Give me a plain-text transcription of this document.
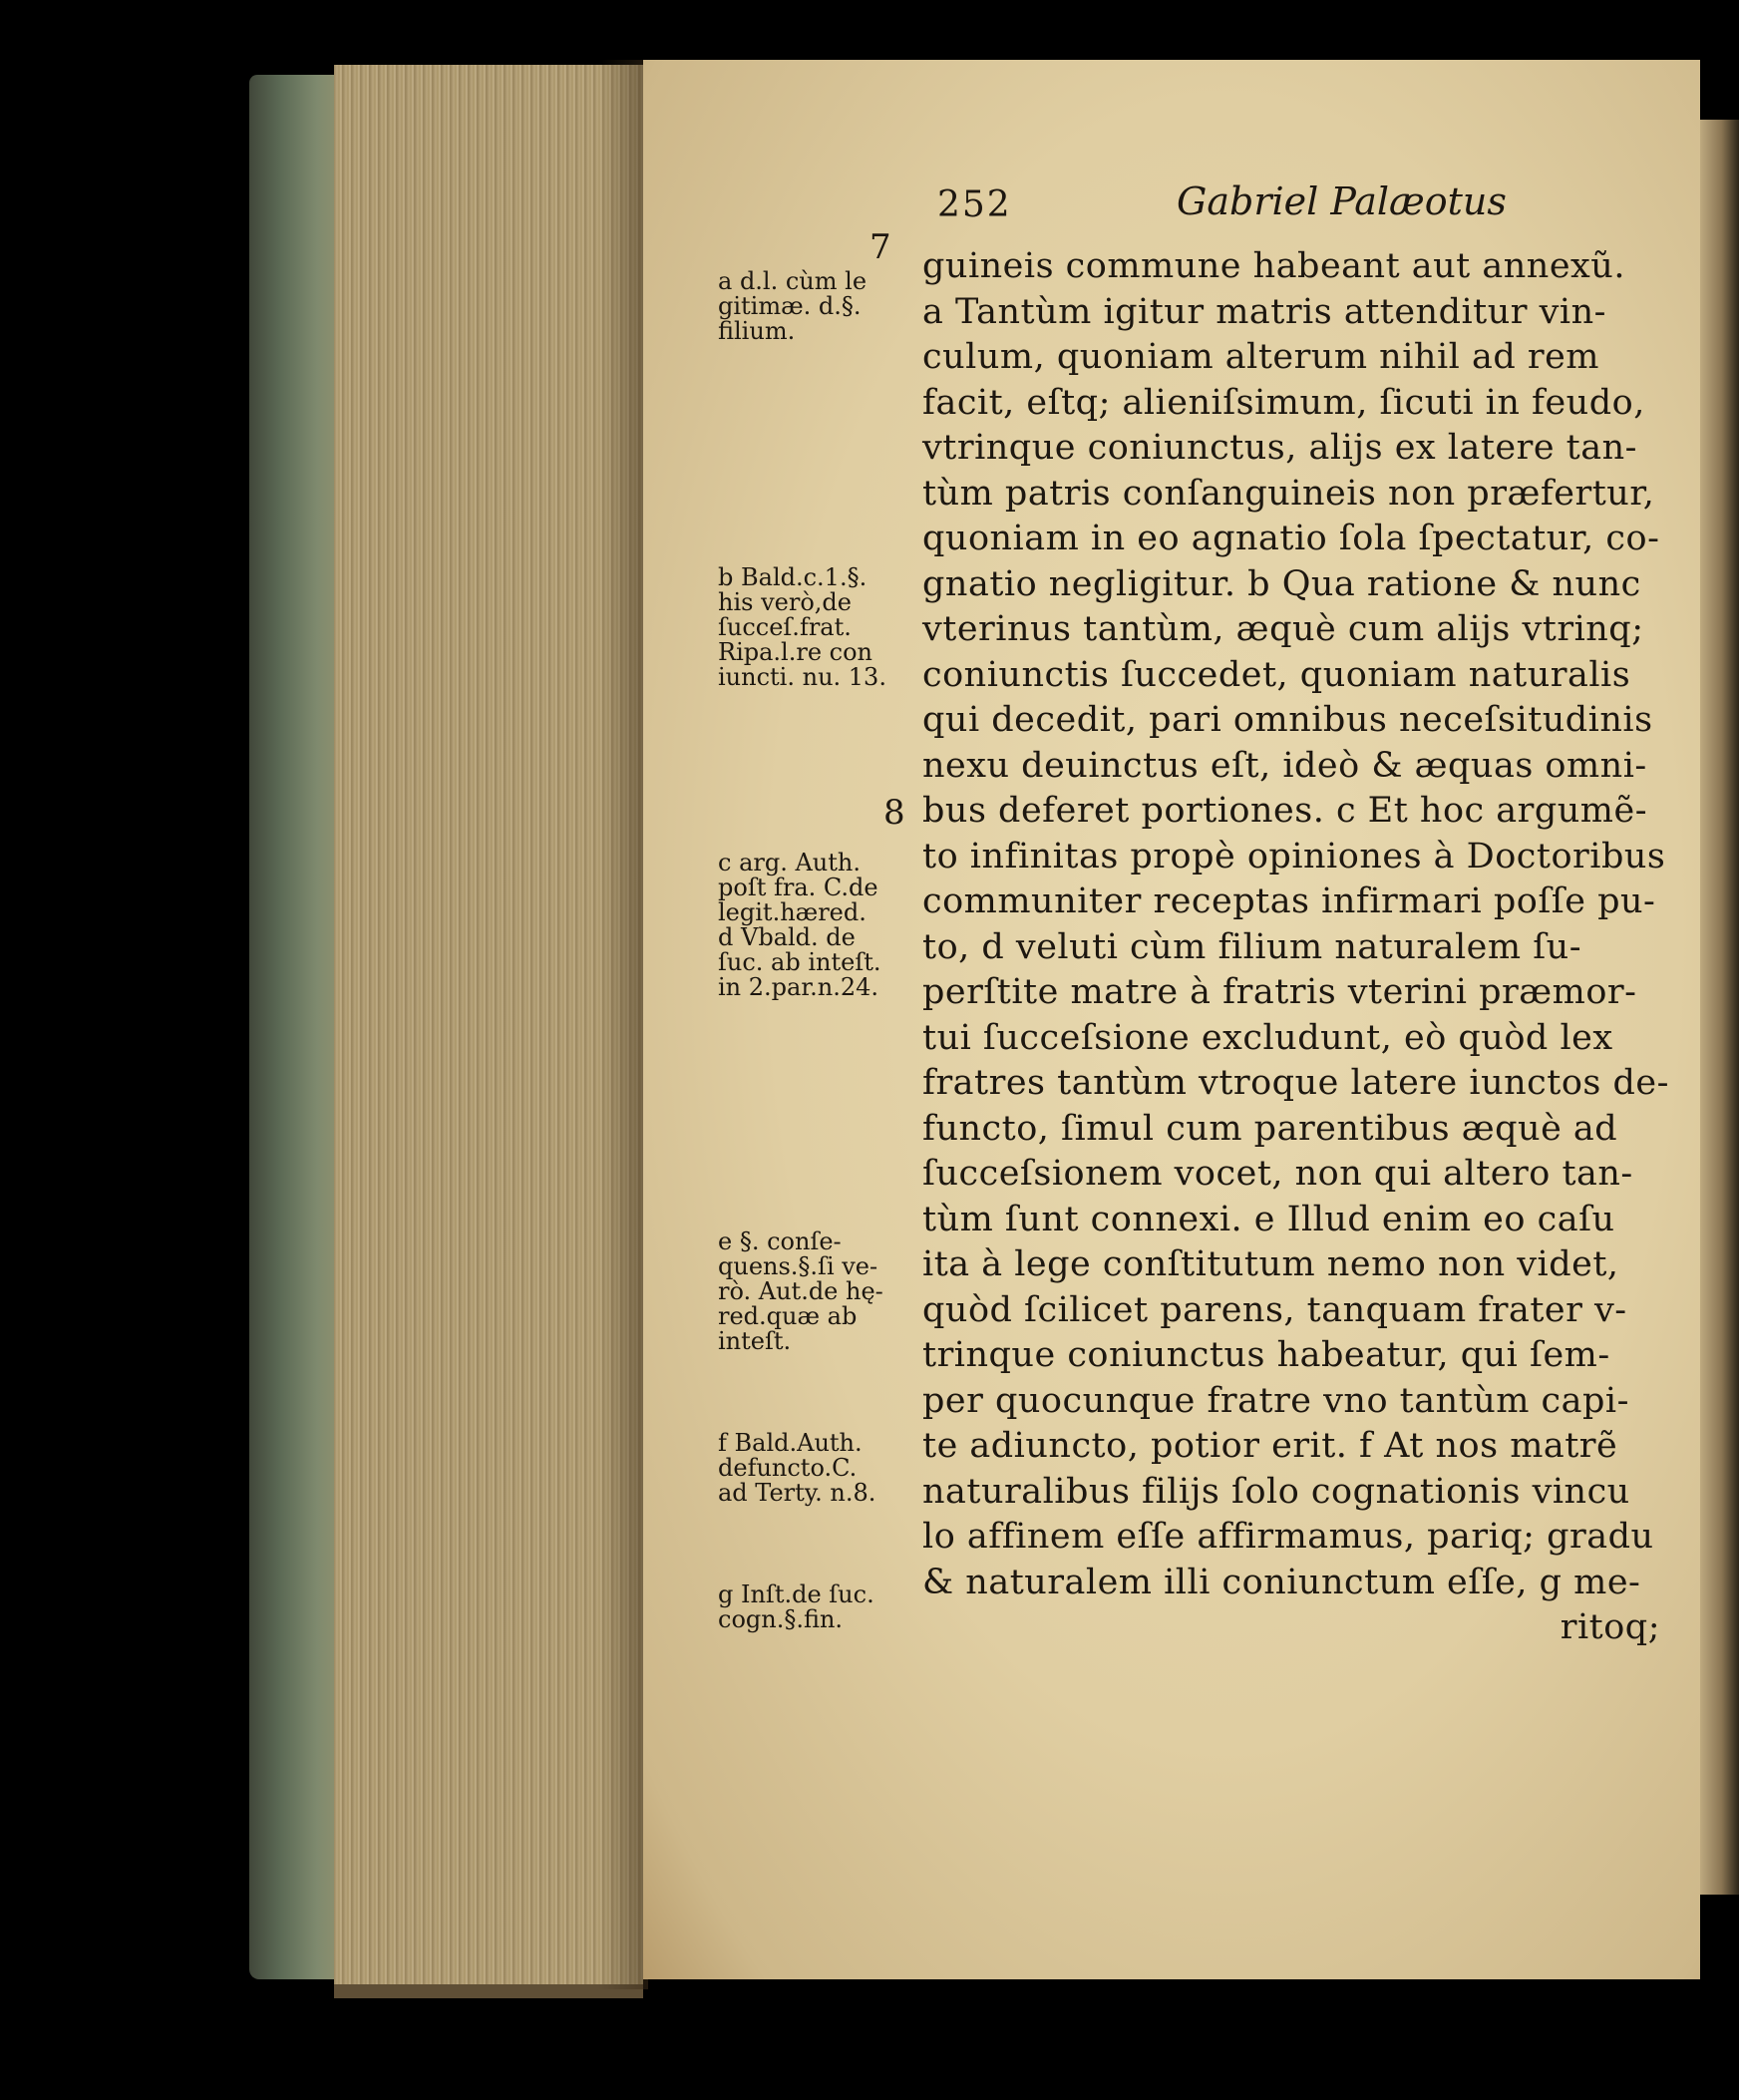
252	Gabriel Palæotus
7
8
guineis commune habeant aut annexũ.
a Tantùm igitur matris attenditur vin-
culum, quoniam alterum nihil ad rem
facit, eſtq; alieniſsimum, ſicuti in feudo,
vtrinque coniunctus, alijs ex latere tan-
tùm patris conſanguineis non præfertur,
quoniam in eo agnatio ſola ſpectatur, co-
gnatio negligitur. b Qua ratione & nunc
vterinus tantùm, æquè cum alijs vtrinq;
coniunctis ſuccedet, quoniam naturalis
qui decedit, pari omnibus neceſsitudinis
nexu deuinctus eſt, ideò & æquas omni-
bus deferet portiones. c Et hoc argumẽ-
to infinitas propè opiniones à Doctoribus
communiter receptas infirmari poſſe pu-
to, d veluti cùm filium naturalem ſu-
perſtite matre à fratris vterini præmor-
tui ſucceſsione excludunt, eò quòd lex
fratres tantùm vtroque latere iunctos de-
functo, ſimul cum parentibus æquè ad
ſucceſsionem vocet, non qui altero tan-
tùm ſunt connexi. e Illud enim eo caſu
ita à lege conſtitutum nemo non videt,
quòd ſcilicet parens, tanquam frater v-
trinque coniunctus habeatur, qui ſem-
per quocunque fratre vno tantùm capi-
te adiuncto, potior erit. f At nos matrẽ
naturalibus filijs ſolo cognationis vincu
lo affinem eſſe affirmamus, pariq; gradu
& naturalem illi coniunctum eſſe, g me-
ritoq;
a d.l. cùm le
gitimæ. d.§.
filium.
b Bald.c.1.§.
his verò,de
ſucceſ.frat.
Ripa.l.re con
iuncti. nu. 13.
c arg. Auth.
poſt fra. C.de
legit.hæred.
d Vbald. de
ſuc. ab inteſt.
in 2.par.n.24.
e §. conſe-
quens.§.ſi ve-
rò. Aut.de hę-
red.quæ ab
inteſt.
f Bald.Auth.
defuncto.C.
ad Terty. n.8.
g Inſt.de ſuc.
cogn.§.fin.
